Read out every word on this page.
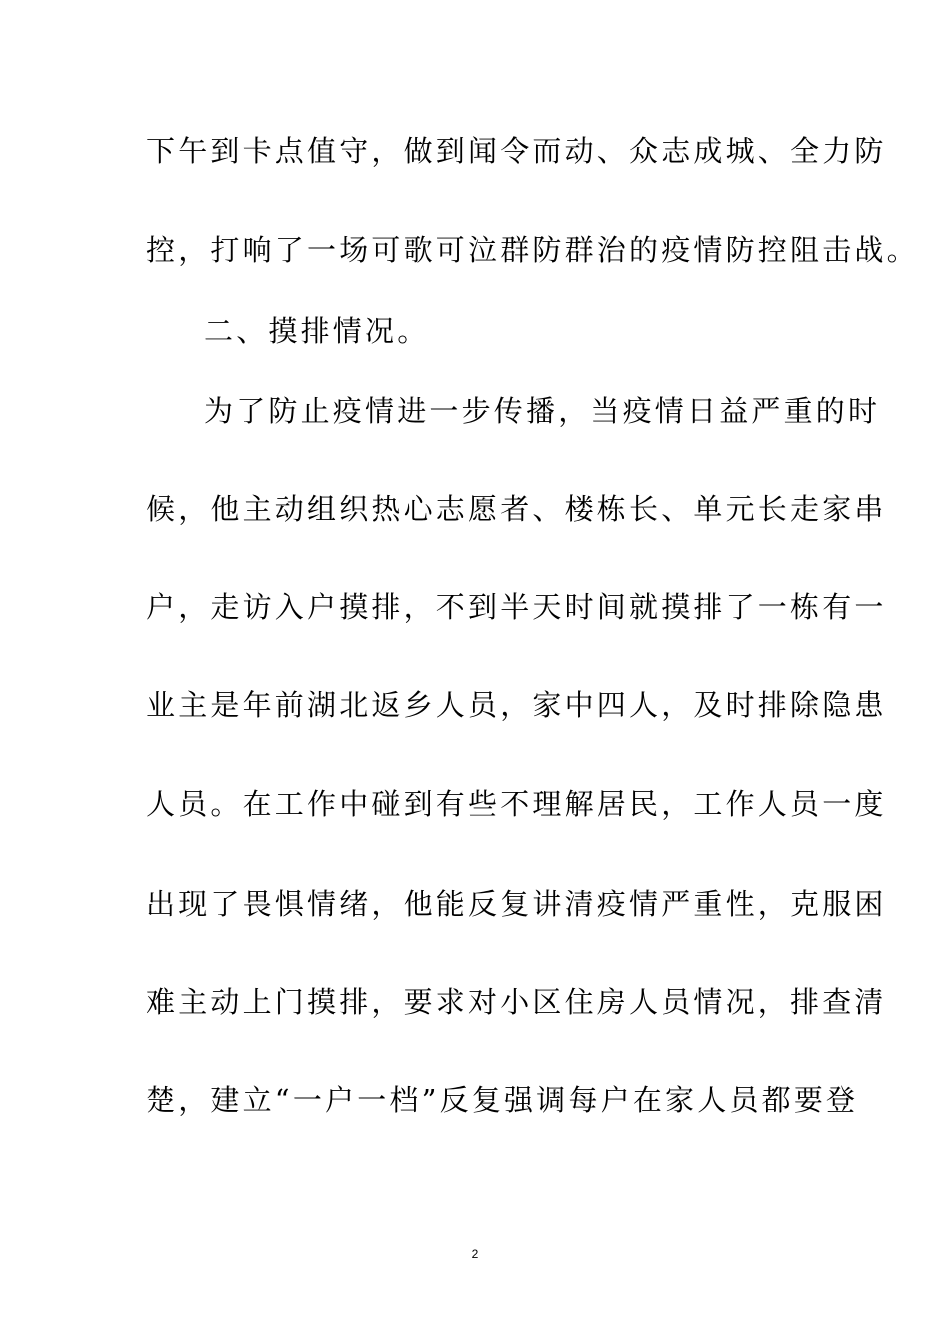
下午到卡点值守，做到闻令而动、众志成城、全力防
控，打响了一场可歌可泣群防群治的疫情防控阻击战。
二、摸排情况。
为了防止疫情进一步传播，当疫情日益严重的时
候，他主动组织热心志愿者、楼栋长、单元长走家串
户，走访入户摸排，不到半天时间就摸排了一栋有一
业主是年前湖北返乡人员，家中四人，及时排除隐患
人员。在工作中碰到有些不理解居民，工作人员一度
出现了畏惧情绪，他能反复讲清疫情严重性，克服困
难主动上门摸排，要求对小区住房人员情况，排查清
楚，建立“一户一档”反复强调每户在家人员都要登
2
